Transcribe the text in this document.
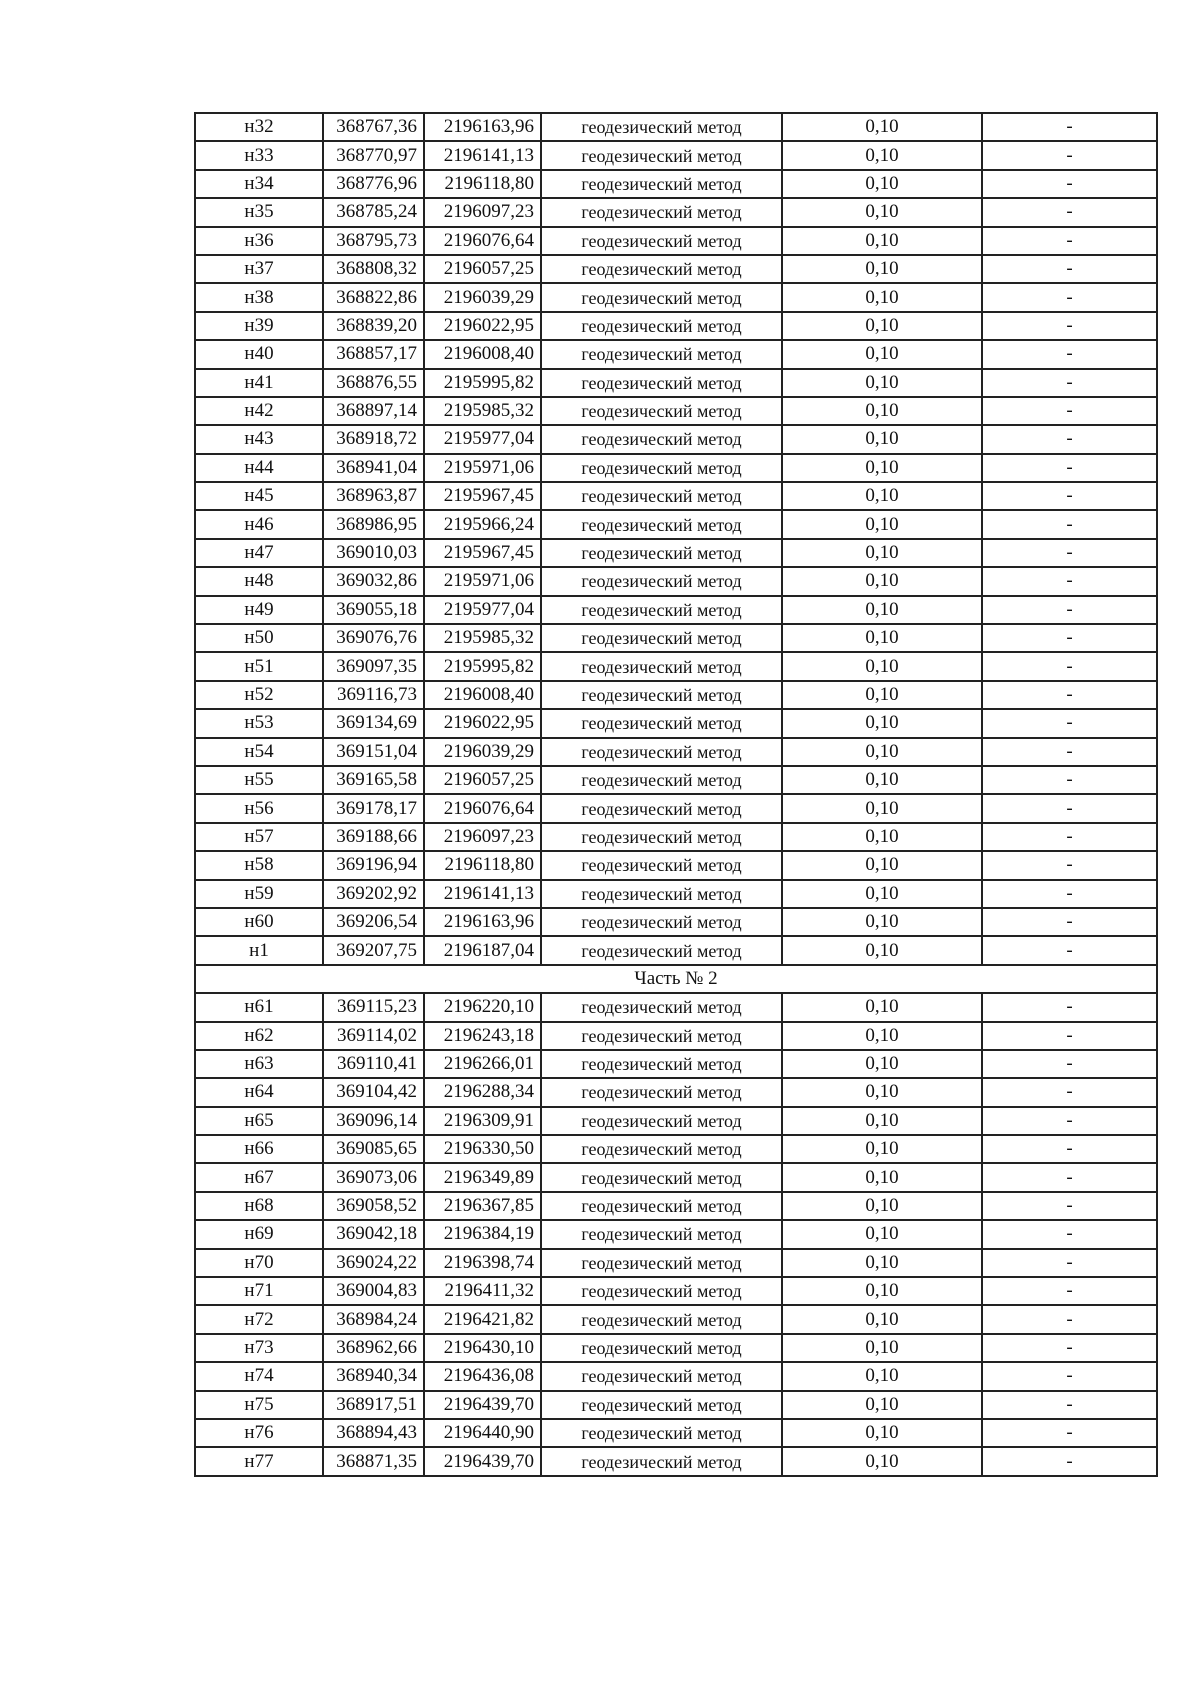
н32	368767,36	2196163,96	геодезический метод	0,10	-
н33	368770,97	2196141,13	геодезический метод	0,10	-
н34	368776,96	2196118,80	геодезический метод	0,10	-
н35	368785,24	2196097,23	геодезический метод	0,10	-
н36	368795,73	2196076,64	геодезический метод	0,10	-
н37	368808,32	2196057,25	геодезический метод	0,10	-
н38	368822,86	2196039,29	геодезический метод	0,10	-
н39	368839,20	2196022,95	геодезический метод	0,10	-
н40	368857,17	2196008,40	геодезический метод	0,10	-
н41	368876,55	2195995,82	геодезический метод	0,10	-
н42	368897,14	2195985,32	геодезический метод	0,10	-
н43	368918,72	2195977,04	геодезический метод	0,10	-
н44	368941,04	2195971,06	геодезический метод	0,10	-
н45	368963,87	2195967,45	геодезический метод	0,10	-
н46	368986,95	2195966,24	геодезический метод	0,10	-
н47	369010,03	2195967,45	геодезический метод	0,10	-
н48	369032,86	2195971,06	геодезический метод	0,10	-
н49	369055,18	2195977,04	геодезический метод	0,10	-
н50	369076,76	2195985,32	геодезический метод	0,10	-
н51	369097,35	2195995,82	геодезический метод	0,10	-
н52	369116,73	2196008,40	геодезический метод	0,10	-
н53	369134,69	2196022,95	геодезический метод	0,10	-
н54	369151,04	2196039,29	геодезический метод	0,10	-
н55	369165,58	2196057,25	геодезический метод	0,10	-
н56	369178,17	2196076,64	геодезический метод	0,10	-
н57	369188,66	2196097,23	геодезический метод	0,10	-
н58	369196,94	2196118,80	геодезический метод	0,10	-
н59	369202,92	2196141,13	геодезический метод	0,10	-
н60	369206,54	2196163,96	геодезический метод	0,10	-
н1	369207,75	2196187,04	геодезический метод	0,10	-
Часть № 2					
н61	369115,23	2196220,10	геодезический метод	0,10	-
н62	369114,02	2196243,18	геодезический метод	0,10	-
н63	369110,41	2196266,01	геодезический метод	0,10	-
н64	369104,42	2196288,34	геодезический метод	0,10	-
н65	369096,14	2196309,91	геодезический метод	0,10	-
н66	369085,65	2196330,50	геодезический метод	0,10	-
н67	369073,06	2196349,89	геодезический метод	0,10	-
н68	369058,52	2196367,85	геодезический метод	0,10	-
н69	369042,18	2196384,19	геодезический метод	0,10	-
н70	369024,22	2196398,74	геодезический метод	0,10	-
н71	369004,83	2196411,32	геодезический метод	0,10	-
н72	368984,24	2196421,82	геодезический метод	0,10	-
н73	368962,66	2196430,10	геодезический метод	0,10	-
н74	368940,34	2196436,08	геодезический метод	0,10	-
н75	368917,51	2196439,70	геодезический метод	0,10	-
н76	368894,43	2196440,90	геодезический метод	0,10	-
н77	368871,35	2196439,70	геодезический метод	0,10	-
